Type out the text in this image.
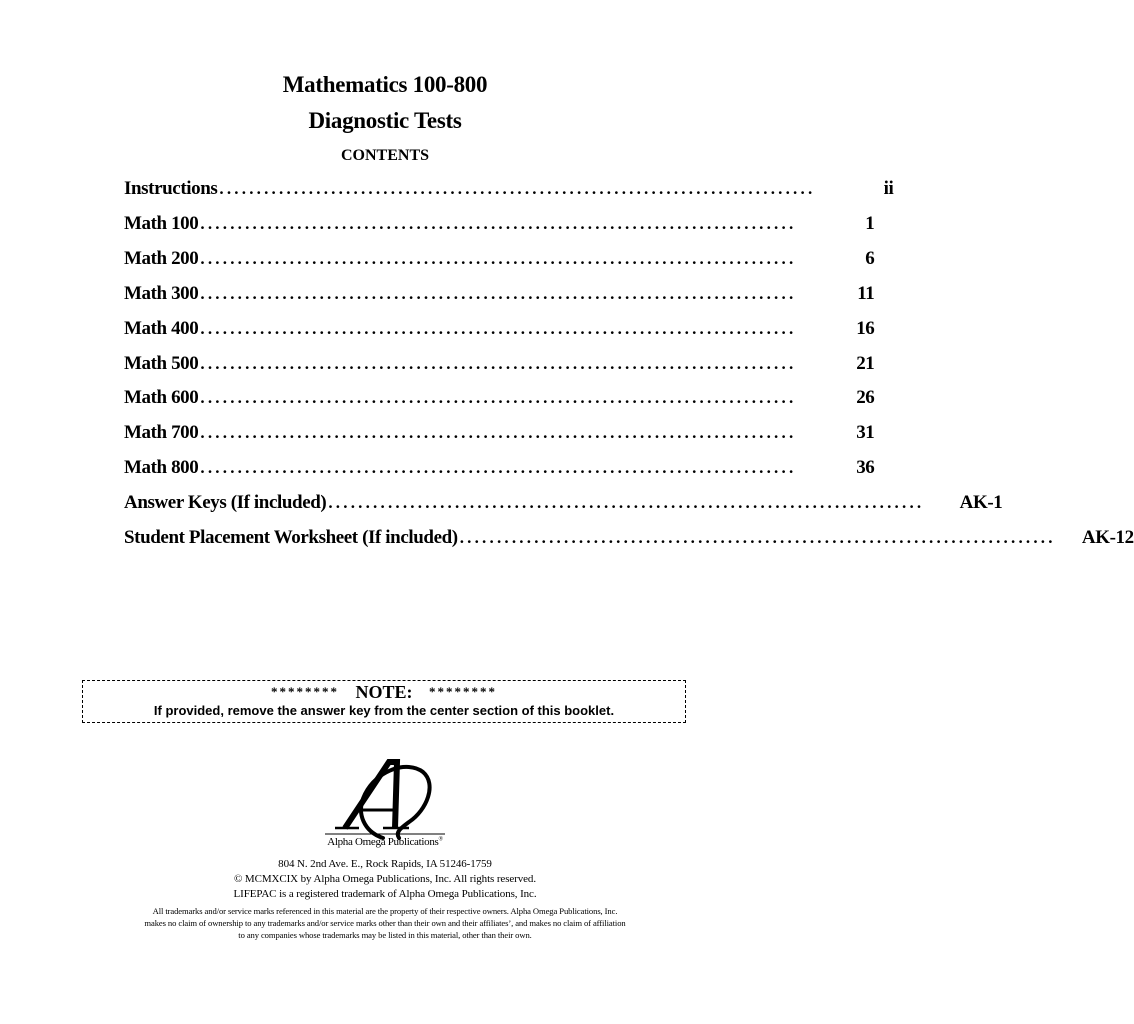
Mathematics 100-800
Diagnostic Tests
CONTENTS
Instructions ................................................................................	ii
Math 100 ................................................................................	1
Math 200 ................................................................................	6
Math 300 ................................................................................	11
Math 400 ................................................................................	16
Math 500 ................................................................................	21
Math 600 ................................................................................	26
Math 700 ................................................................................	31
Math 800 ................................................................................	36
Answer Keys (If included) ................................................................................	AK-1
Student Placement Worksheet (If included) ................................................................................	AK-12
******** NOTE: ********
If provided, remove the answer key from the center section of this booklet.
Alpha Omega Publications®
804 N. 2nd Ave. E., Rock Rapids, IA 51246-1759
© MCMXCIX by Alpha Omega Publications, Inc. All rights reserved.
LIFEPAC is a registered trademark of Alpha Omega Publications, Inc.
All trademarks and/or service marks referenced in this material are the property of their respective owners. Alpha Omega Publications, Inc.
makes no claim of ownership to any trademarks and/or service marks other than their own and their affiliates’, and makes no claim of affiliation
to any companies whose trademarks may be listed in this material, other than their own.
